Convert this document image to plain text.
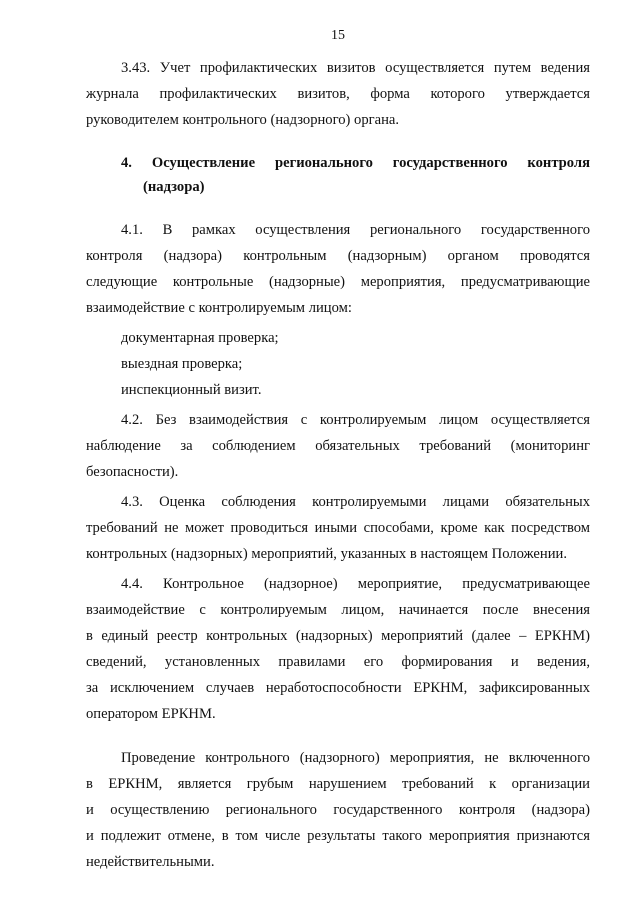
15

3.43. Учет профилактических визитов осуществляется путем ведения
журнала профилактических визитов, форма которого утверждается
руководителем контрольного (надзорного) органа.

4. Осуществление регионального государственного контроля
(надзора)

4.1. В рамках осуществления регионального государственного
контроля (надзора) контрольным (надзорным) органом проводятся
следующие контрольные (надзорные) мероприятия, предусматривающие
взаимодействие с контролируемым лицом:

документарная проверка;

выездная проверка;

инспекционный визит.

4.2. Без взаимодействия с контролируемым лицом осуществляется
наблюдение за соблюдением обязательных требований (мониторинг
безопасности).

4.3. Оценка соблюдения контролируемыми лицами обязательных
требований не может проводиться иными способами, кроме как посредством
контрольных (надзорных) мероприятий, указанных в настоящем Положении.

4.4. Контрольное (надзорное) мероприятие, предусматривающее
взаимодействие с контролируемым лицом, начинается после внесения
в единый реестр контрольных (надзорных) мероприятий (далее – ЕРКНМ)
сведений, установленных правилами его формирования и ведения,
за исключением случаев неработоспособности ЕРКНМ, зафиксированных
оператором ЕРКНМ.

Проведение контрольного (надзорного) мероприятия, не включенного
в ЕРКНМ, является грубым нарушением требований к организации
и осуществлению регионального государственного контроля (надзора)
и подлежит отмене, в том числе результаты такого мероприятия признаются
недействительными.
